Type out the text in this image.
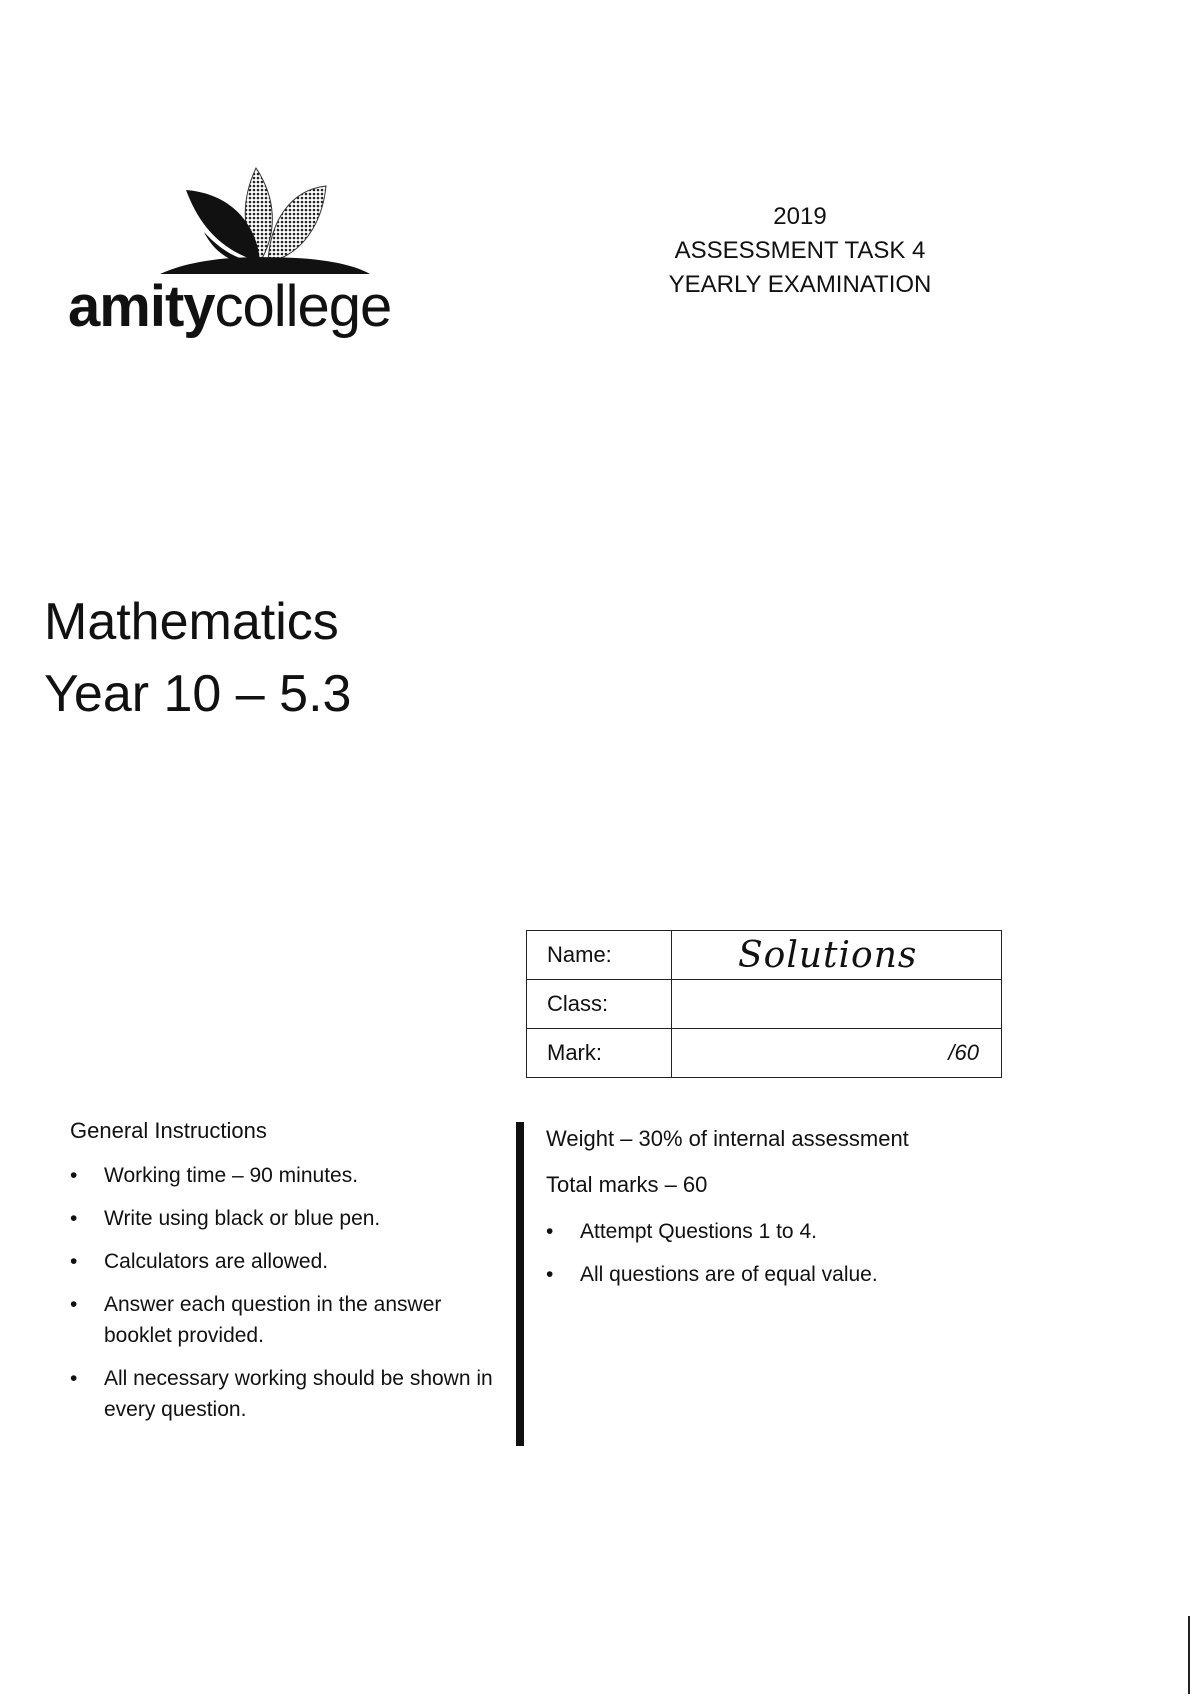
amitycollege
2019
ASSESSMENT TASK 4
YEARLY EXAMINATION
Mathematics
Year 10 – 5.3
Name:	Solutions
Class:	
Mark:	/60
General Instructions
• Working time – 90 minutes.
• Write using black or blue pen.
• Calculators are allowed.
• Answer each question in the answer booklet provided.
• All necessary working should be shown in every question.

Weight – 30% of internal assessment

Total marks – 60

• Attempt Questions 1 to 4.
• All questions are of equal value.
